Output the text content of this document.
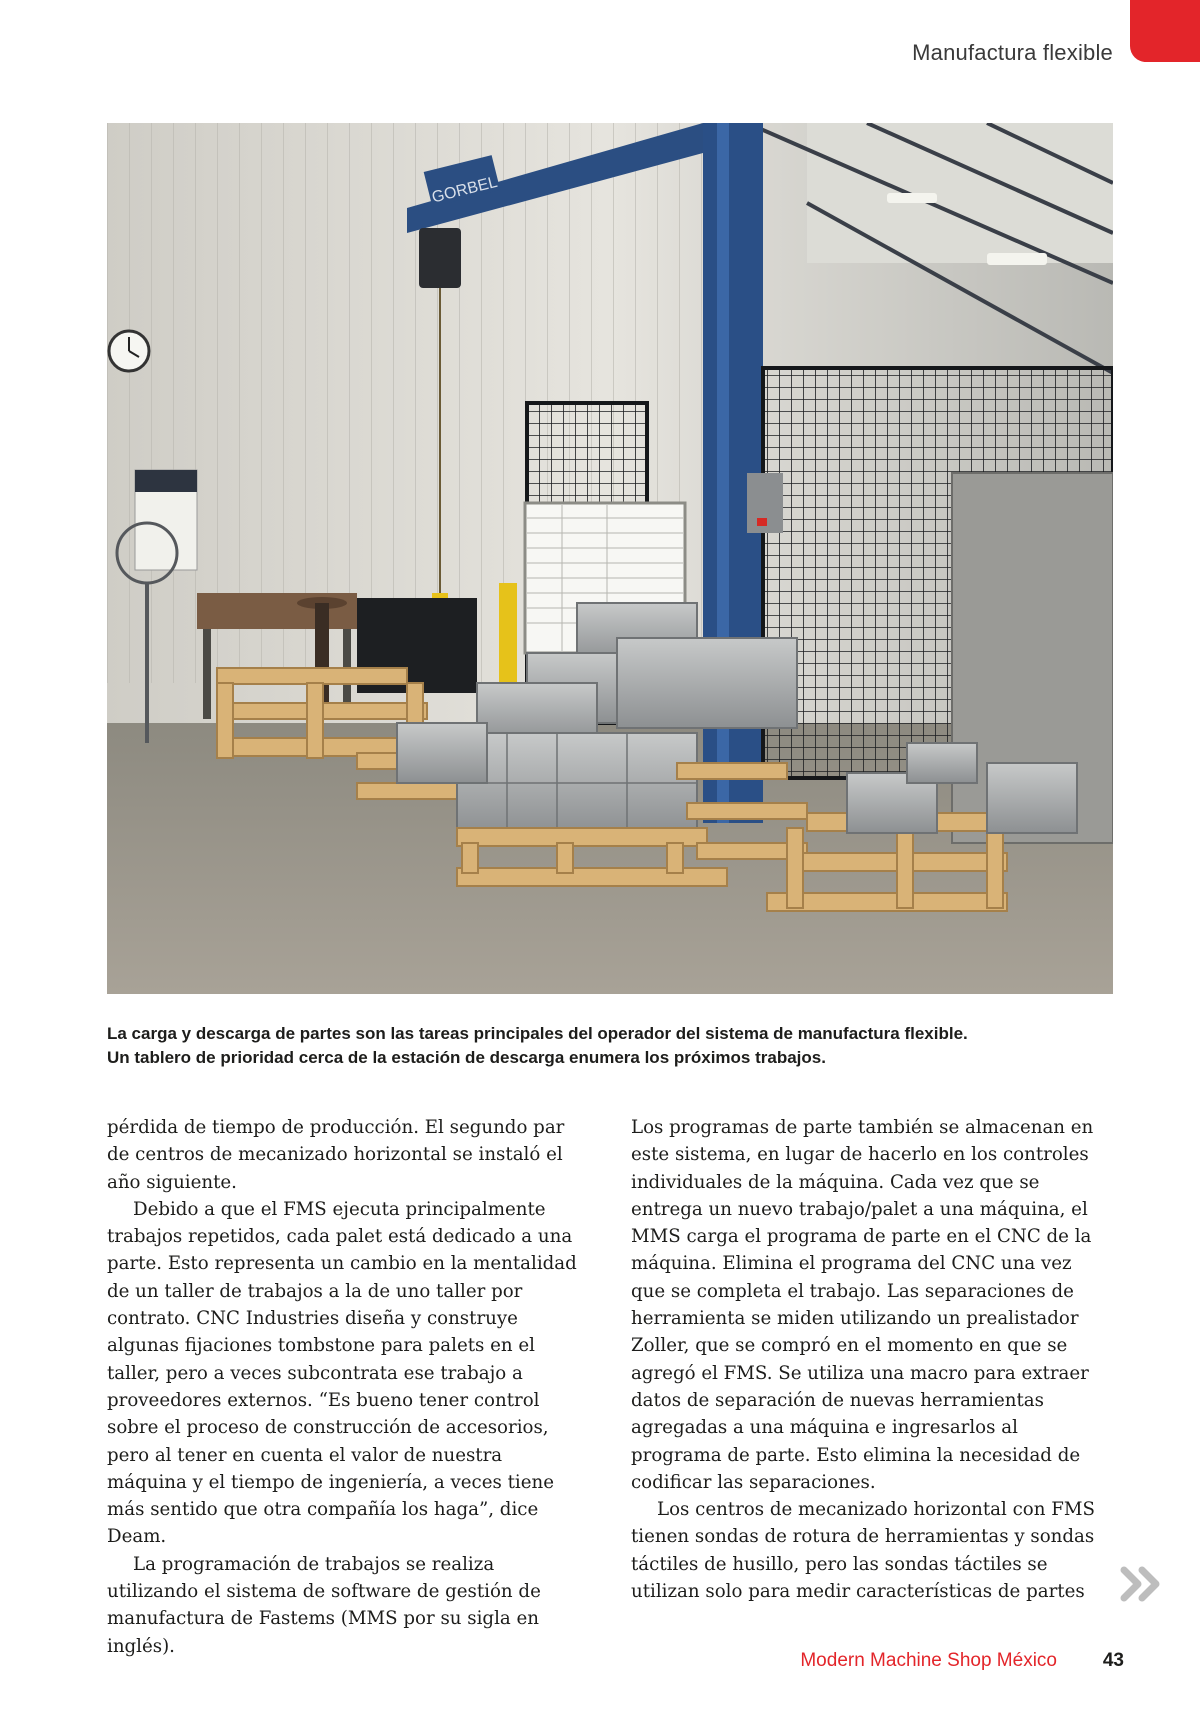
Manufactura flexible
GORBEL
La carga y descarga de partes son las tareas principales del operador del sistema de manufactura flexible. Un tablero de prioridad cerca de la estación de descarga enumera los próximos trabajos.

pérdida de tiempo de producción. El segundo par de centros de mecanizado horizontal se instaló el año siguiente.

Debido a que el FMS ejecuta principalmente trabajos repetidos, cada palet está dedicado a una parte. Esto representa un cambio en la mentalidad de un taller de trabajos a la de uno taller por contrato. CNC Industries diseña y construye algunas fijaciones tombstone para palets en el taller, pero a veces subcontrata ese trabajo a proveedores externos. “Es bueno tener control sobre el proceso de construcción de accesorios, pero al tener en cuenta el valor de nuestra máquina y el tiempo de ingeniería, a veces tiene más sentido que otra compañía los haga”, dice Deam.

La programación de trabajos se realiza utilizando el sistema de software de gestión de manufactura de Fastems (MMS por su sigla en inglés).

Los programas de parte también se almacenan en este sistema, en lugar de hacerlo en los controles individuales de la máquina. Cada vez que se entrega un nuevo trabajo/palet a una máquina, el MMS carga el programa de parte en el CNC de la máquina. Elimina el programa del CNC una vez que se completa el trabajo. Las separaciones de herramienta se miden utilizando un prealistador Zoller, que se compró en el momento en que se agregó el FMS. Se utiliza una macro para extraer datos de separación de nuevas herramientas agregadas a una máquina e ingresarlos al programa de parte. Esto elimina la necesidad de codificar las separaciones.

Los centros de mecanizado horizontal con FMS tienen sondas de rotura de herramientas y sondas táctiles de husillo, pero las sondas táctiles se utilizan solo para medir características de partes

Modern Machine Shop México 43
